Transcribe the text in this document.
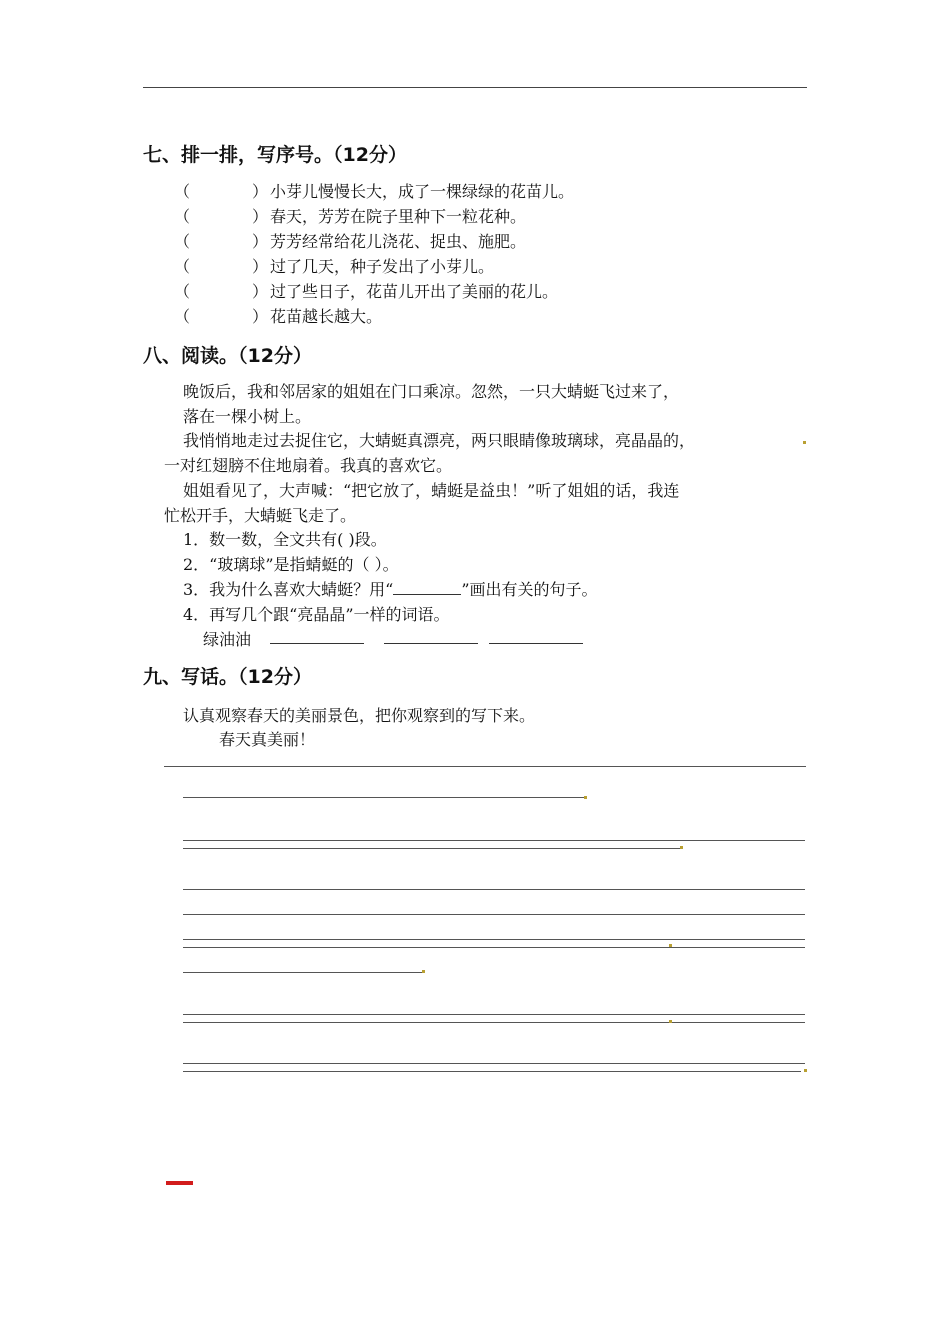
七、排一排，写序号。（12分）
（	） 小芽儿慢慢长大，成了一棵绿绿的花苗儿。
（	） 春天，芳芳在院子里种下一粒花种。
（	） 芳芳经常给花儿浇花、捉虫、施肥。
（	） 过了几天，种子发出了小芽儿。
（	） 过了些日子，花苗儿开出了美丽的花儿。
（	） 花苗越长越大。
八、阅读。（12分）
晚饭后，我和邻居家的姐姐在门口乘凉。忽然，一只大蜻蜓飞过来了，
落在一棵小树上。
我悄悄地走过去捉住它，大蜻蜓真漂亮，两只眼睛像玻璃球，亮晶晶的，
一对红翅膀不住地扇着。我真的喜欢它。
姐姐看见了，大声喊：“把它放了，蜻蜓是益虫！”听了姐姐的话，我连
忙松开手，大蜻蜓飞走了。
1．数一数，全文共有( )段。
2．“玻璃球”是指蜻蜓的（ ）。
3．我为什么喜欢大蜻蜓？用“	”画出有关的句子。
4．再写几个跟“亮晶晶”一样的词语。
绿油油
九、写话。（12分）
认真观察春天的美丽景色，把你观察到的写下来。
春天真美丽！
